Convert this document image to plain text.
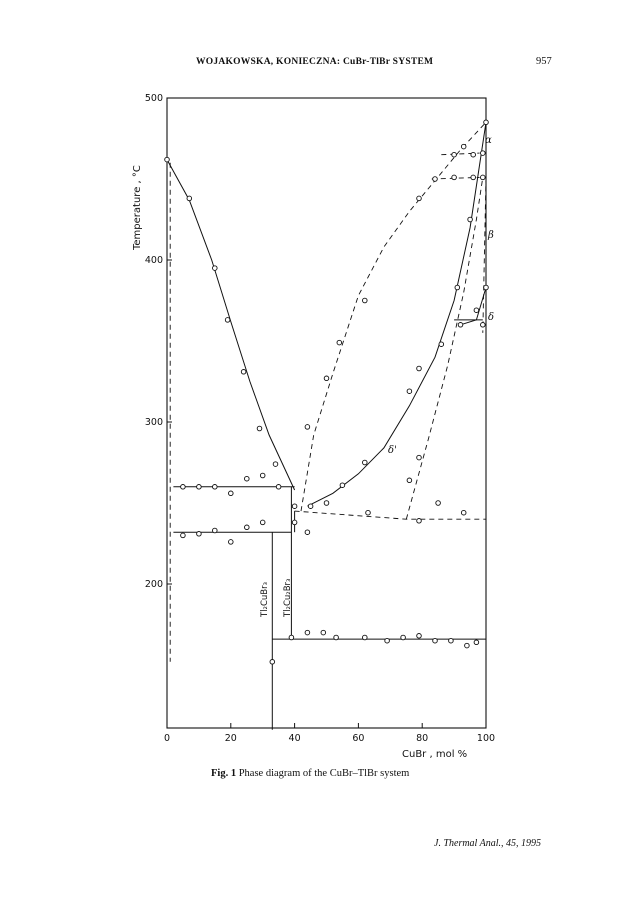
WOJAKOWSKA, KONIECZNA: CuBr-TlBr SYSTEM	957
0	20	40	60	80	100
200
300
400
500
CuBr , mol %
Temperature , °C
α
β
δ
δ'
Tl₂CuBr₃ Tl₂Cu₂Br₃
Fig. 1 Phase diagram of the CuBr–TlBr system
J. Thermal Anal., 45, 1995
